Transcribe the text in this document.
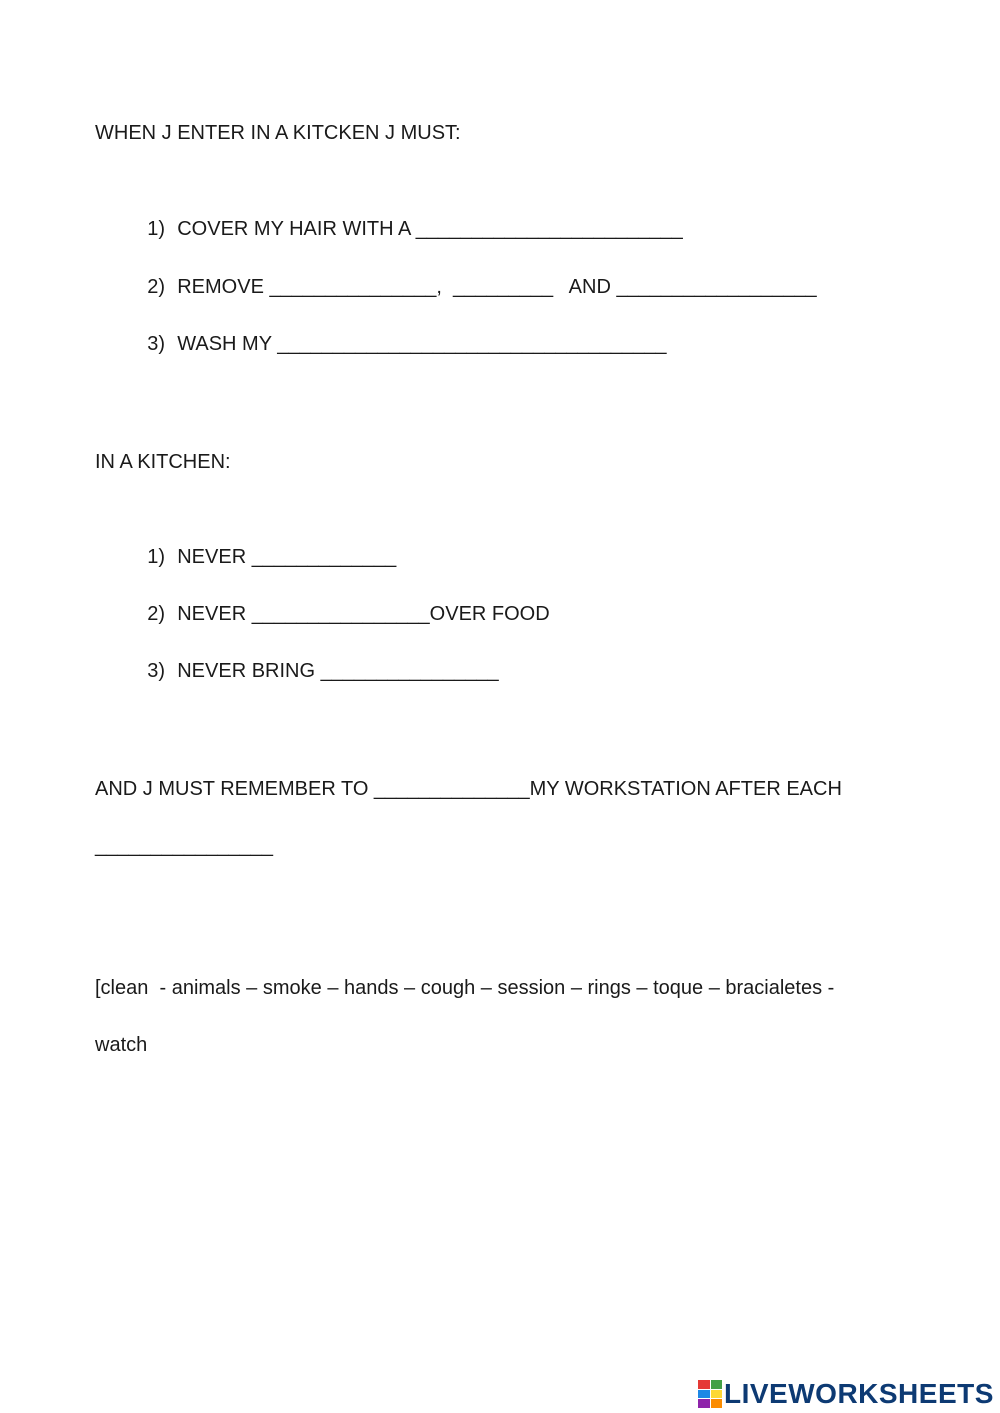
WHEN J ENTER IN A KITCKEN J MUST:

1) COVER MY HAIR WITH A ________________________

2) REMOVE _______________,  _________   AND __________________

3) WASH MY ___________________________________

IN A KITCHEN:

1) NEVER _____________

2) NEVER ________________OVER FOOD

3) NEVER BRING ________________

AND J MUST REMEMBER TO ______________MY WORKSTATION AFTER EACH
________________
[clean  - animals – smoke – hands – cough – session – rings – toque – bracialetes -
watch
LIVEWORKSHEETS
